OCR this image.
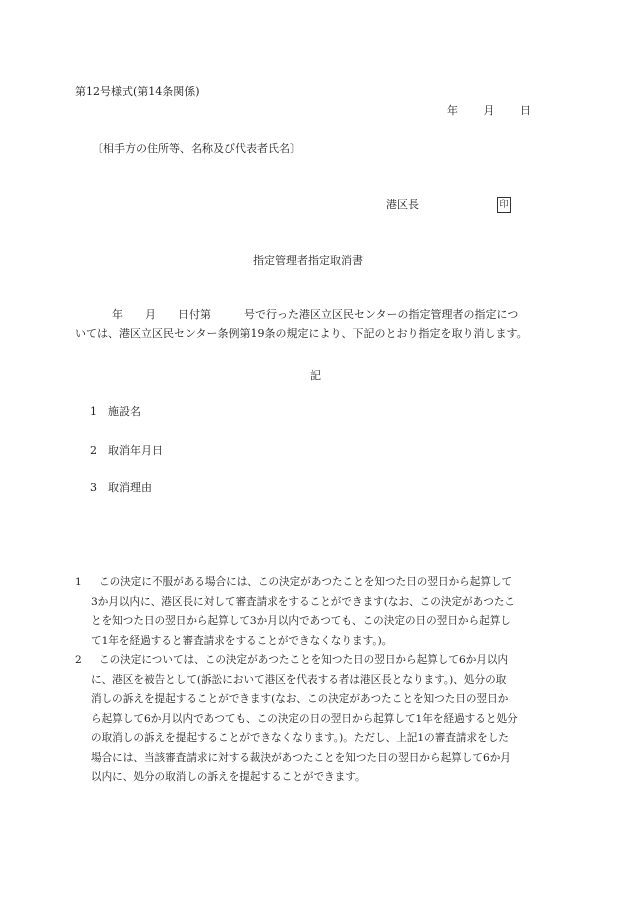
第12号様式(第14条関係)
年 月 日
〔相手方の住所等、名称及び代表者氏名〕
港区長	印
指定管理者指定取消書
年　　月　　日付第　　　号で行った港区立区民センターの指定管理者の指定につ
いては、港区立区民センター条例第19条の規定により、下記のとおり指定を取り消します。
記
1 施設名
2 取消年月日
3 取消理由
1	この決定に不服がある場合には、この決定があつたことを知つた日の翌日から起算して
3か月以内に、港区長に対して審査請求をすることができます(なお、この決定があつたこ
とを知つた日の翌日から起算して3か月以内であつても、この決定の日の翌日から起算し
て1年を経過すると審査請求をすることができなくなります。)。
2	この決定については、この決定があつたことを知つた日の翌日から起算して6か月以内
に、港区を被告として(訴訟において港区を代表する者は港区長となります。)、処分の取
消しの訴えを提起することができます(なお、この決定があつたことを知つた日の翌日か
ら起算して6か月以内であつても、この決定の日の翌日から起算して1年を経過すると処分
の取消しの訴えを提起することができなくなります。)。ただし、上記1の審査請求をした
場合には、当該審査請求に対する裁決があつたことを知つた日の翌日から起算して6か月
以内に、処分の取消しの訴えを提起することができます。
